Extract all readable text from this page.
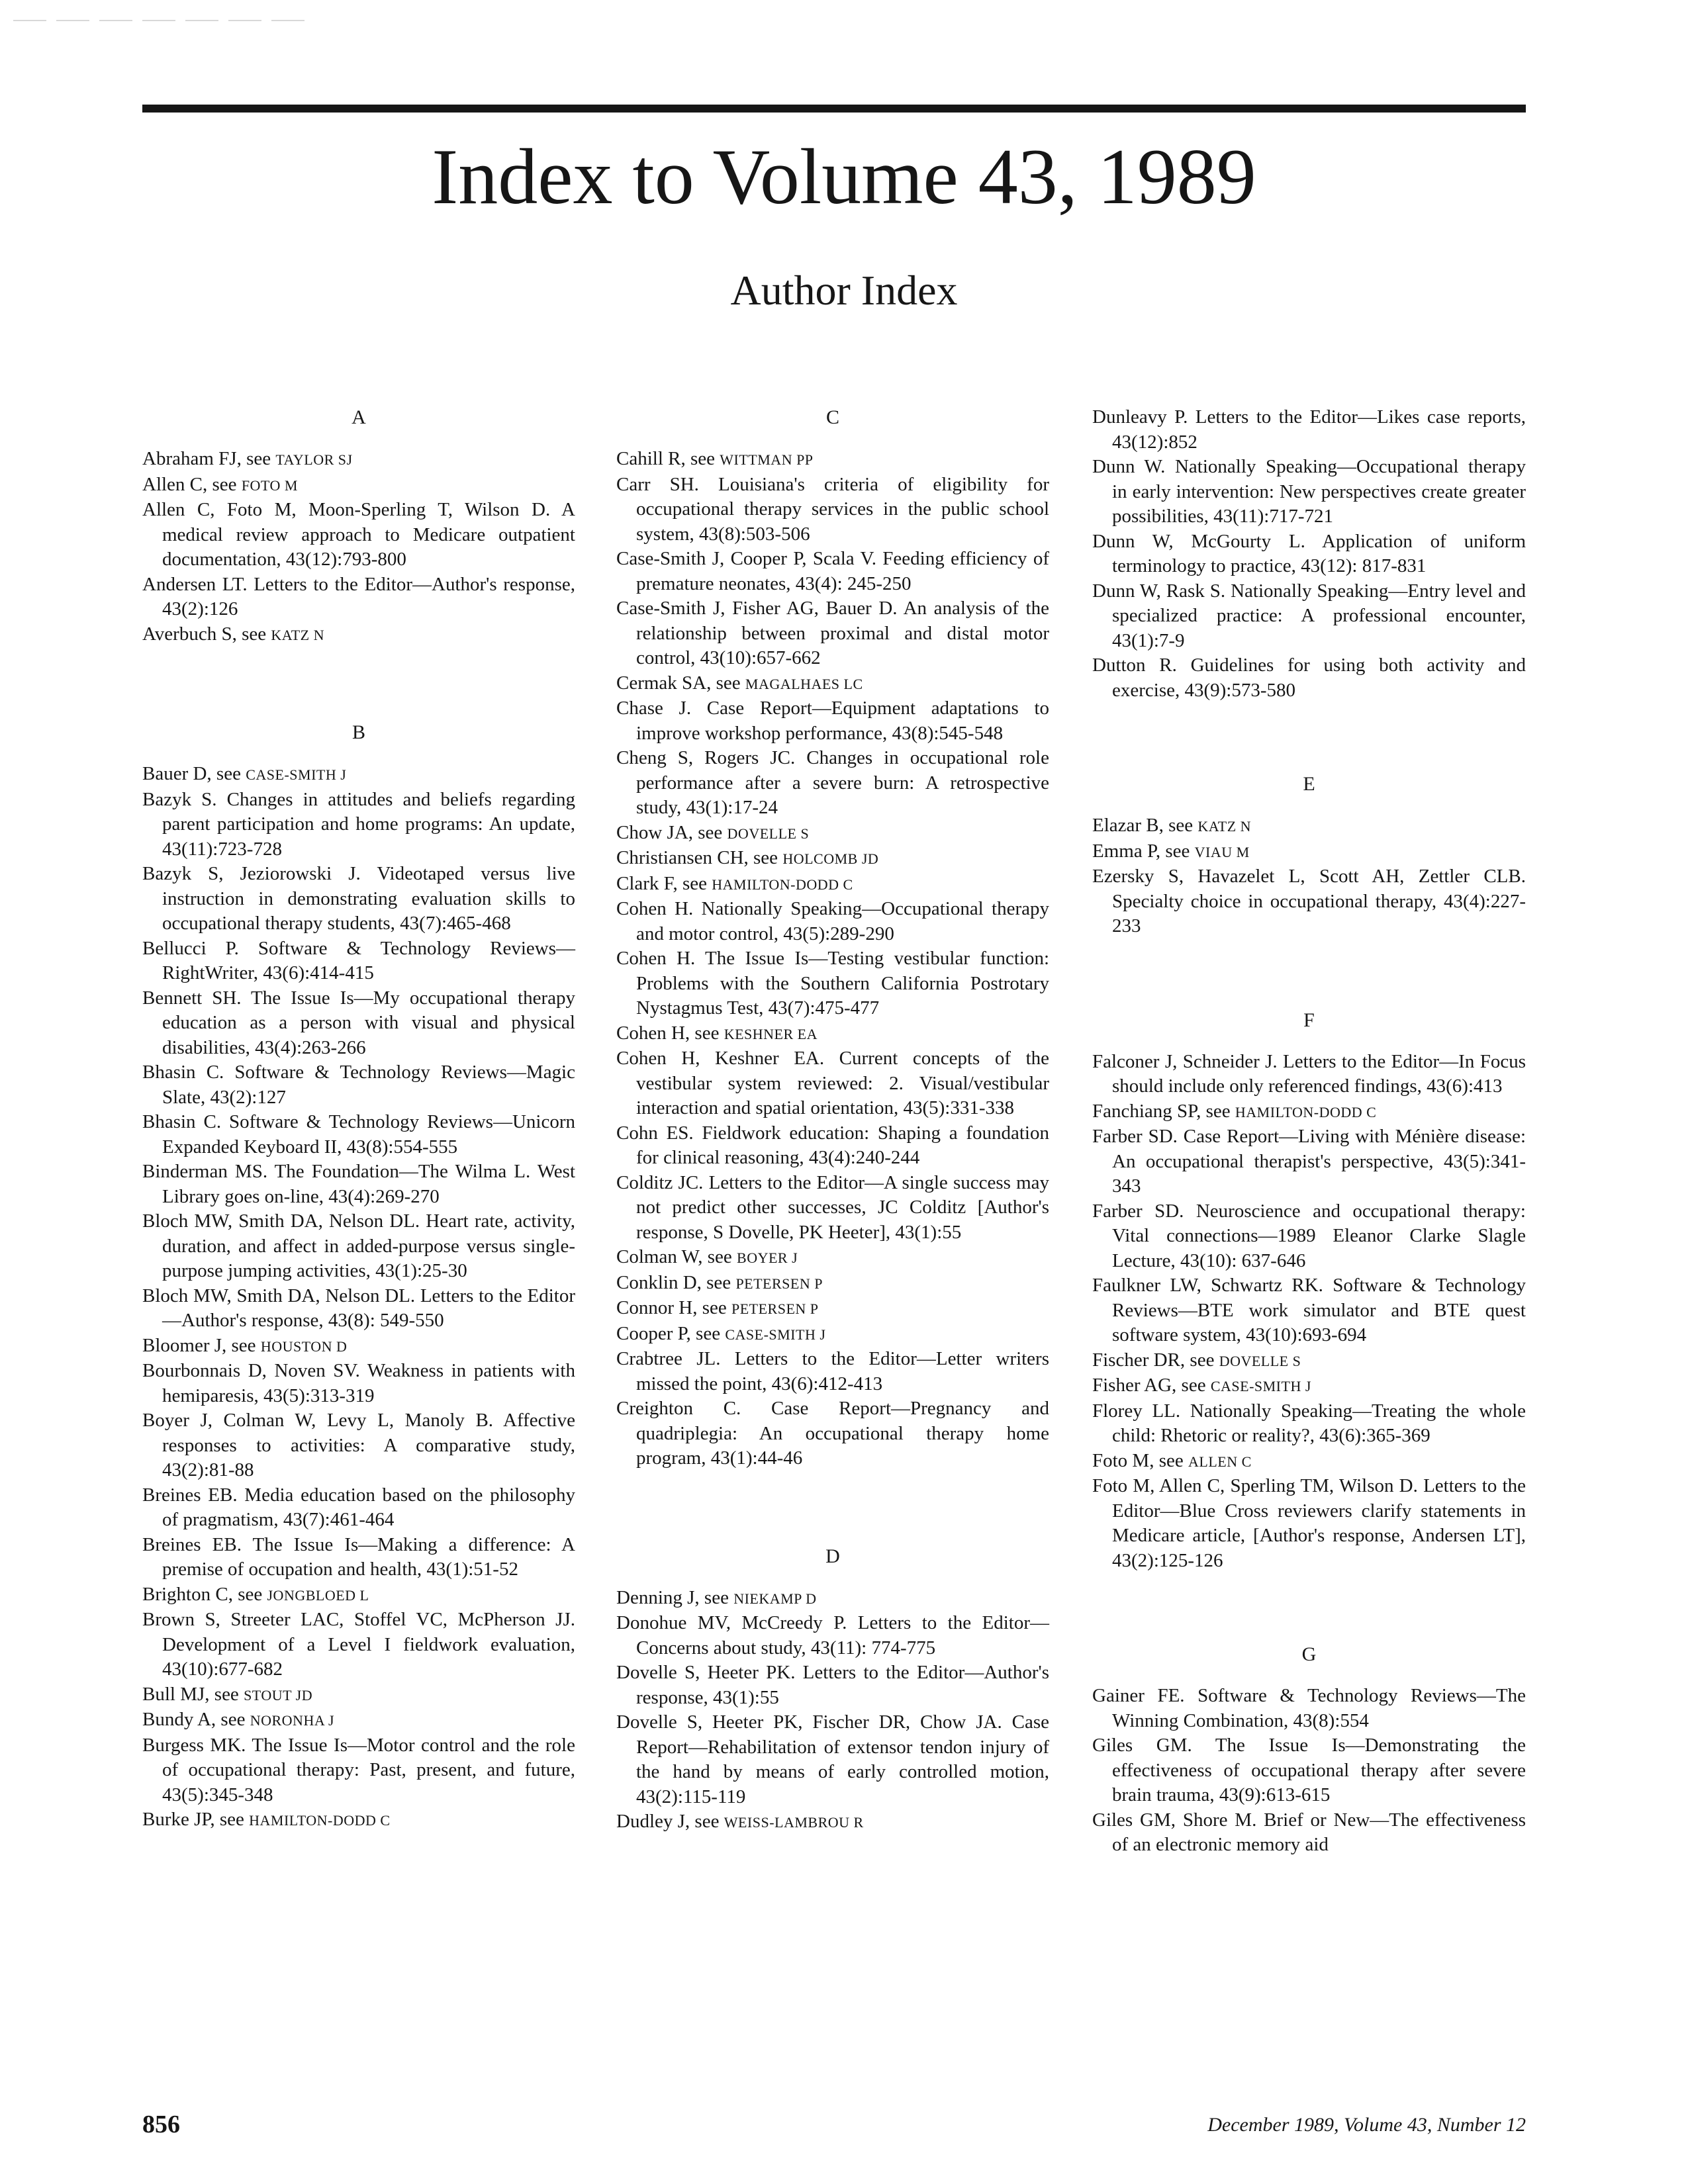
Index to Volume 43, 1989
Author Index
A

Abraham FJ, see TAYLOR SJ

Allen C, see FOTO M

Allen C, Foto M, Moon-Sperling T, Wilson D. A medical review approach to Medicare outpatient documentation, 43(12):793-800

Andersen LT. Letters to the Editor—Author's response, 43(2):126

Averbuch S, see KATZ N

B

Bauer D, see CASE-SMITH J

Bazyk S. Changes in attitudes and beliefs regarding parent participation and home programs: An update, 43(11):723-728

Bazyk S, Jeziorowski J. Videotaped versus live instruction in demonstrating evaluation skills to occupational therapy students, 43(7):465-468

Bellucci P. Software & Technology Reviews—RightWriter, 43(6):414-415

Bennett SH. The Issue Is—My occupational therapy education as a person with visual and physical disabilities, 43(4):263-266

Bhasin C. Software & Technology Reviews—Magic Slate, 43(2):127

Bhasin C. Software & Technology Reviews—Unicorn Expanded Keyboard II, 43(8):554-555

Binderman MS. The Foundation—The Wilma L. West Library goes on-line, 43(4):269-270

Bloch MW, Smith DA, Nelson DL. Heart rate, activity, duration, and affect in added-purpose versus single-purpose jumping activities, 43(1):25-30

Bloch MW, Smith DA, Nelson DL. Letters to the Editor—Author's response, 43(8): 549-550

Bloomer J, see HOUSTON D

Bourbonnais D, Noven SV. Weakness in patients with hemiparesis, 43(5):313-319

Boyer J, Colman W, Levy L, Manoly B. Affective responses to activities: A comparative study, 43(2):81-88

Breines EB. Media education based on the philosophy of pragmatism, 43(7):461-464

Breines EB. The Issue Is—Making a difference: A premise of occupation and health, 43(1):51-52

Brighton C, see JONGBLOED L

Brown S, Streeter LAC, Stoffel VC, McPherson JJ. Development of a Level I fieldwork evaluation, 43(10):677-682

Bull MJ, see STOUT JD

Bundy A, see NORONHA J

Burgess MK. The Issue Is—Motor control and the role of occupational therapy: Past, present, and future, 43(5):345-348

Burke JP, see HAMILTON-DODD C

C

Cahill R, see WITTMAN PP

Carr SH. Louisiana's criteria of eligibility for occupational therapy services in the public school system, 43(8):503-506

Case-Smith J, Cooper P, Scala V. Feeding efficiency of premature neonates, 43(4): 245-250

Case-Smith J, Fisher AG, Bauer D. An analysis of the relationship between proximal and distal motor control, 43(10):657-662

Cermak SA, see MAGALHAES LC

Chase J. Case Report—Equipment adaptations to improve workshop performance, 43(8):545-548

Cheng S, Rogers JC. Changes in occupational role performance after a severe burn: A retrospective study, 43(1):17-24

Chow JA, see DOVELLE S

Christiansen CH, see HOLCOMB JD

Clark F, see HAMILTON-DODD C

Cohen H. Nationally Speaking—Occupational therapy and motor control, 43(5):289-290

Cohen H. The Issue Is—Testing vestibular function: Problems with the Southern California Postrotary Nystagmus Test, 43(7):475-477

Cohen H, see KESHNER EA

Cohen H, Keshner EA. Current concepts of the vestibular system reviewed: 2. Visual/vestibular interaction and spatial orientation, 43(5):331-338

Cohn ES. Fieldwork education: Shaping a foundation for clinical reasoning, 43(4):240-244

Colditz JC. Letters to the Editor—A single success may not predict other successes, JC Colditz [Author's response, S Dovelle, PK Heeter], 43(1):55

Colman W, see BOYER J

Conklin D, see PETERSEN P

Connor H, see PETERSEN P

Cooper P, see CASE-SMITH J

Crabtree JL. Letters to the Editor—Letter writers missed the point, 43(6):412-413

Creighton C. Case Report—Pregnancy and quadriplegia: An occupational therapy home program, 43(1):44-46

D

Denning J, see NIEKAMP D

Donohue MV, McCreedy P. Letters to the Editor—Concerns about study, 43(11): 774-775

Dovelle S, Heeter PK. Letters to the Editor—Author's response, 43(1):55

Dovelle S, Heeter PK, Fischer DR, Chow JA. Case Report—Rehabilitation of extensor tendon injury of the hand by means of early controlled motion, 43(2):115-119

Dudley J, see WEISS-LAMBROU R

Dunleavy P. Letters to the Editor—Likes case reports, 43(12):852

Dunn W. Nationally Speaking—Occupational therapy in early intervention: New perspectives create greater possibilities, 43(11):717-721

Dunn W, McGourty L. Application of uniform terminology to practice, 43(12): 817-831

Dunn W, Rask S. Nationally Speaking—Entry level and specialized practice: A professional encounter, 43(1):7-9

Dutton R. Guidelines for using both activity and exercise, 43(9):573-580

E

Elazar B, see KATZ N

Emma P, see VIAU M

Ezersky S, Havazelet L, Scott AH, Zettler CLB. Specialty choice in occupational therapy, 43(4):227-233

F

Falconer J, Schneider J. Letters to the Editor—In Focus should include only referenced findings, 43(6):413

Fanchiang SP, see HAMILTON-DODD C

Farber SD. Case Report—Living with Ménière disease: An occupational therapist's perspective, 43(5):341-343

Farber SD. Neuroscience and occupational therapy: Vital connections—1989 Eleanor Clarke Slagle Lecture, 43(10): 637-646

Faulkner LW, Schwartz RK. Software & Technology Reviews—BTE work simulator and BTE quest software system, 43(10):693-694

Fischer DR, see DOVELLE S

Fisher AG, see CASE-SMITH J

Florey LL. Nationally Speaking—Treating the whole child: Rhetoric or reality?, 43(6):365-369

Foto M, see ALLEN C

Foto M, Allen C, Sperling TM, Wilson D. Letters to the Editor—Blue Cross reviewers clarify statements in Medicare article, [Author's response, Andersen LT], 43(2):125-126

G

Gainer FE. Software & Technology Reviews—The Winning Combination, 43(8):554

Giles GM. The Issue Is—Demonstrating the effectiveness of occupational therapy after severe brain trauma, 43(9):613-615

Giles GM, Shore M. Brief or New—The effectiveness of an electronic memory aid

856	December 1989, Volume 43, Number 12
